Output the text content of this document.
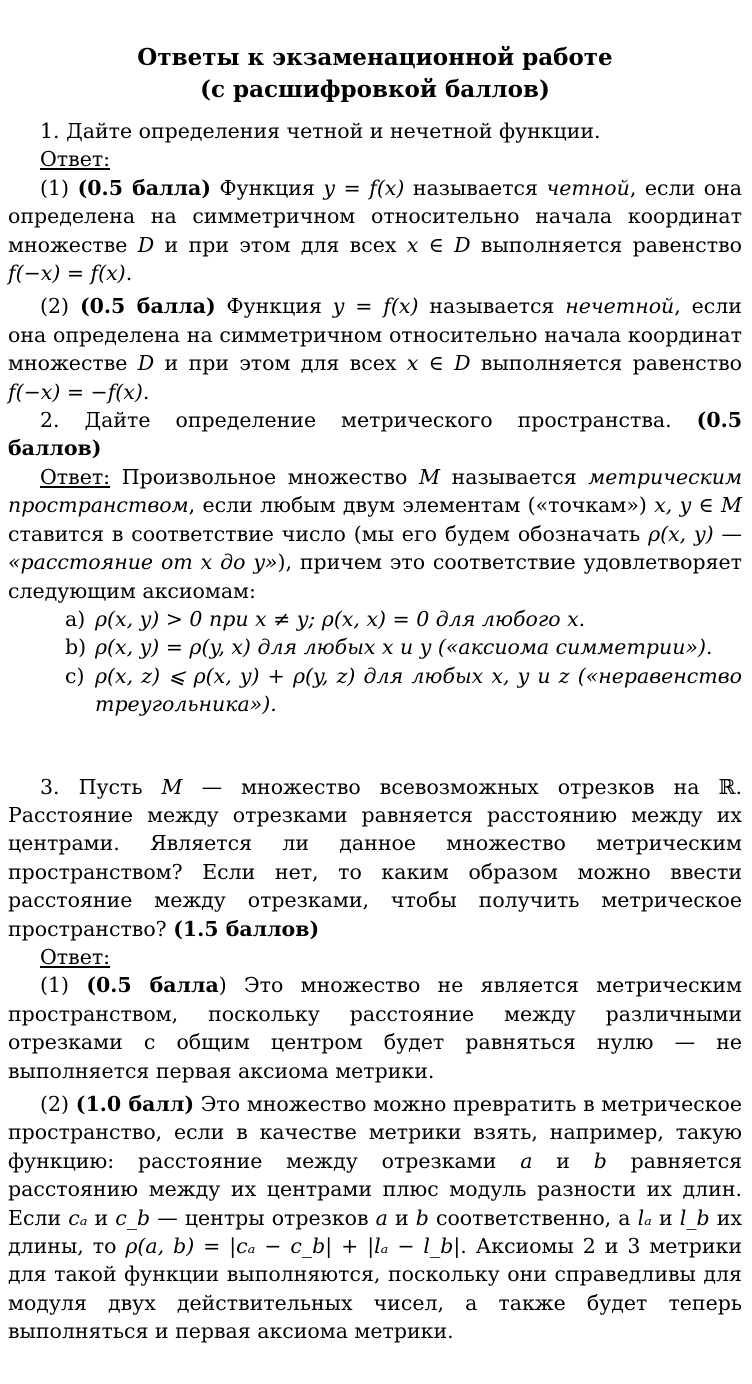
Ответы к экзаменационной работе
(с расшифровкой баллов)
1. Дайте определения четной и нечетной функции.
Ответ:
(1) (0.5 балла) Функция y = f(x) называется четной, если она определена на симметричном относительно начала координат множестве D и при этом для всех x ∈ D выполняется равенство f(−x) = f(x).
(2) (0.5 балла) Функция y = f(x) называется нечетной, если она определена на симметричном относительно начала координат множестве D и при этом для всех x ∈ D выполняется равенство f(−x) = −f(x).
2. Дайте определение метрического пространства. (0.5 баллов)
Ответ: Произвольное множество M называется метрическим пространством, если любым двум элементам («точкам») x, y ∈ M ставится в соответствие число (мы его будем обозначать ρ(x, y) — «расстояние от x до y»), причем это соответствие удовлетворяет следующим аксиомам:
a) ρ(x, y) > 0 при x ≠ y; ρ(x, x) = 0 для любого x.
b) ρ(x, y) = ρ(y, x) для любых x и y («аксиома симметрии»).
c) ρ(x, z) ⩽ ρ(x, y) + ρ(y, z) для любых x, y и z («неравенство треугольника»).
3. Пусть M — множество всевозможных отрезков на ℝ. Расстояние между отрезками равняется расстоянию между их центрами. Является ли данное множество метрическим пространством? Если нет, то каким образом можно ввести расстояние между отрезками, чтобы получить метрическое пространство? (1.5 баллов)
Ответ:
(1) (0.5 балла) Это множество не является метрическим пространством, поскольку расстояние между различными отрезками с общим центром будет равняться нулю — не выполняется первая аксиома метрики.
(2) (1.0 балл) Это множество можно превратить в метрическое пространство, если в качестве метрики взять, например, такую функцию: расстояние между отрезками a и b равняется расстоянию между их центрами плюс модуль разности их длин. Если cₐ и c_b — центры отрезков a и b соответственно, а lₐ и l_b их длины, то ρ(a, b) = |cₐ − c_b| + |lₐ − l_b|. Аксиомы 2 и 3 метрики для такой функции выполняются, поскольку они справедливы для модуля двух действительных чисел, а также будет теперь выполняться и первая аксиома метрики.
